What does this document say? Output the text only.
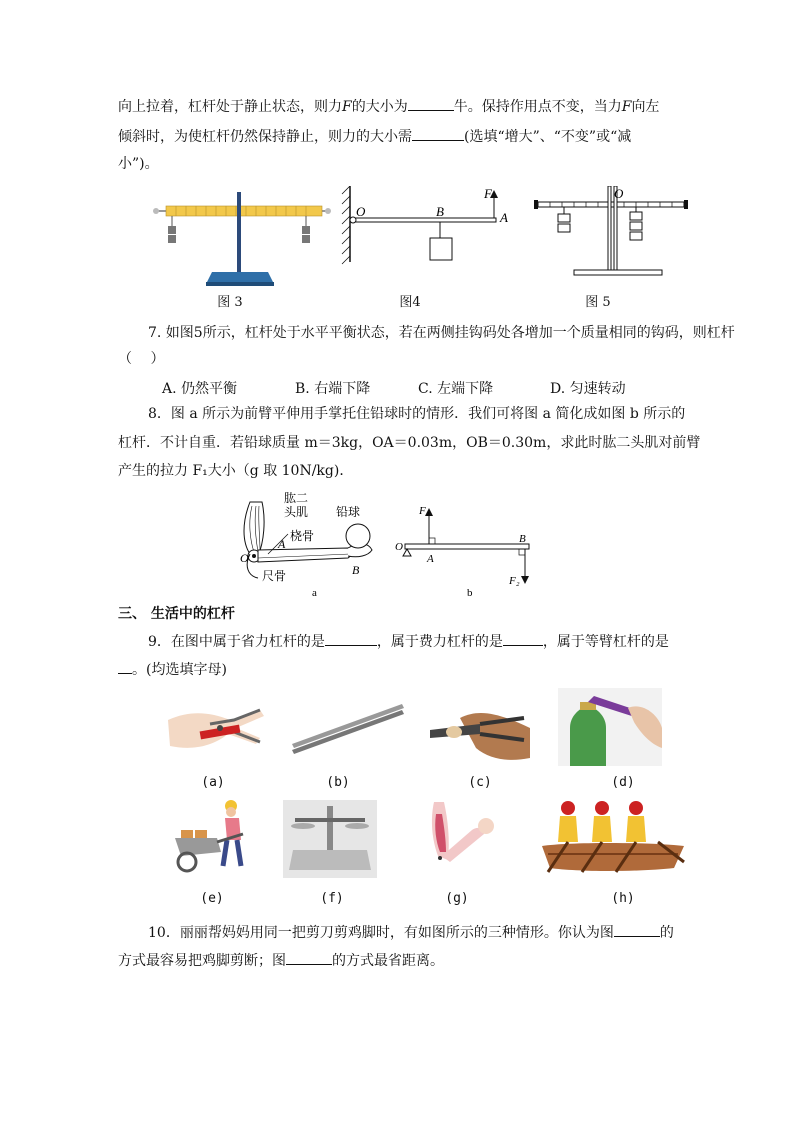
向上拉着，杠杆处于静止状态，则力F的大小为	牛。保持作用点不变，当力F向左
倾斜时，为使杠杆仍然保持静止，则力的大小需	(选填“增大”、“不变”或“减
小”)。
图 3
O	B	A
F
图4
O
图 5
7. 如图5所示，杠杆处于水平平衡状态，若在两侧挂钩码处各增加一个质量相同的钩码，则杠杆
（　 ）
A. 仍然平衡	B. 右端下降	C. 左端下降	D. 匀速转动
8．图 a 所示为前臂平伸用手掌托住铅球时的情形．我们可将图 a 简化成如图 b 所示的
杠杆．不计自重．若铅球质量 m＝3kg，OA＝0.03m，OB＝0.30m，求此时肱二头肌对前臂
产生的拉力 F₁大小（g 取 10N/kg)．
肱二
头肌 铅球
桡骨
尺骨
O
A
B
a
F₁
F₂
O
A
B
b
三、 生活中的杠杆
9．在图中属于省力杠杆的是	，属于费力杠杆的是	，属于等臂杠杆的是
。(均选填字母)
(a)	(b)	(c)	(d)
(e)	(f)	(g)	(h)
10．丽丽帮妈妈用同一把剪刀剪鸡脚时，有如图所示的三种情形。你认为图	的
方式最容易把鸡脚剪断；图	的方式最省距离。
